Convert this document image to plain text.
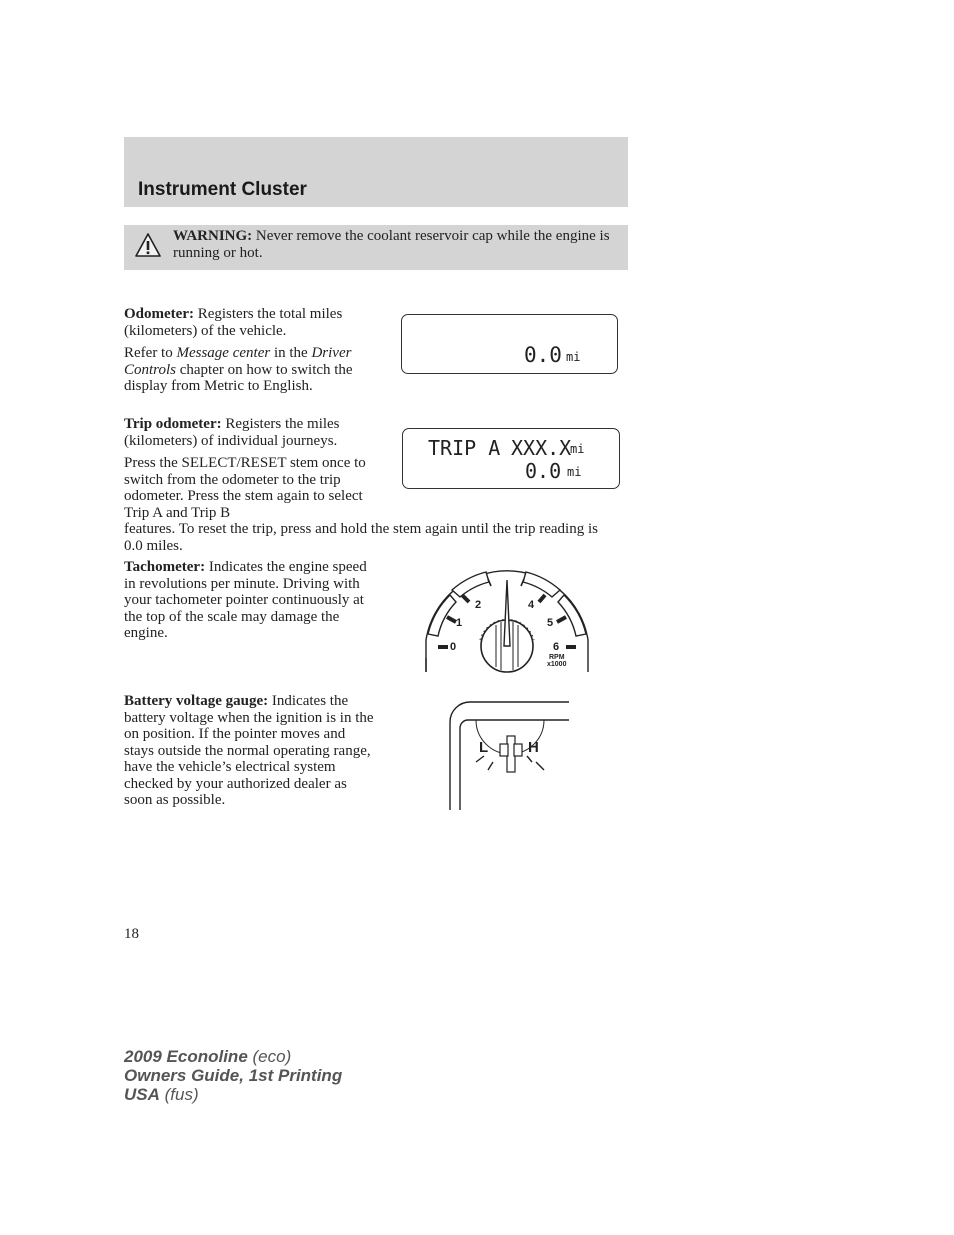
Instrument Cluster
WARNING: Never remove the coolant reservoir cap while the engine is running or hot.

Odometer: Registers the total miles (kilometers) of the vehicle.

Refer to Message center in the Driver Controls chapter on how to switch the display from Metric to English.

0.0 mi

Trip odometer: Registers the miles (kilometers) of individual journeys.

Press the SELECT/RESET stem once to switch from the odometer to the trip odometer. Press the stem again to select Trip A and Trip B

features. To reset the trip, press and hold the stem again until the trip reading is 0.0 miles.
TRIP A XXX.X
mi
0.0 mi

Tachometer: Indicates the engine speed in revolutions per minute. Driving with your tachometer pointer continuously at the top of the scale may damage the engine.

0
1
2	4
5
6
RPM
x1000

Battery voltage gauge: Indicates the battery voltage when the ignition is in the on position. If the pointer moves and stays outside the normal operating range, have the vehicle’s electrical system checked by your authorized dealer as soon as possible.

L	H
18
2009 Econoline (eco)
Owners Guide, 1st Printing
USA (fus)
